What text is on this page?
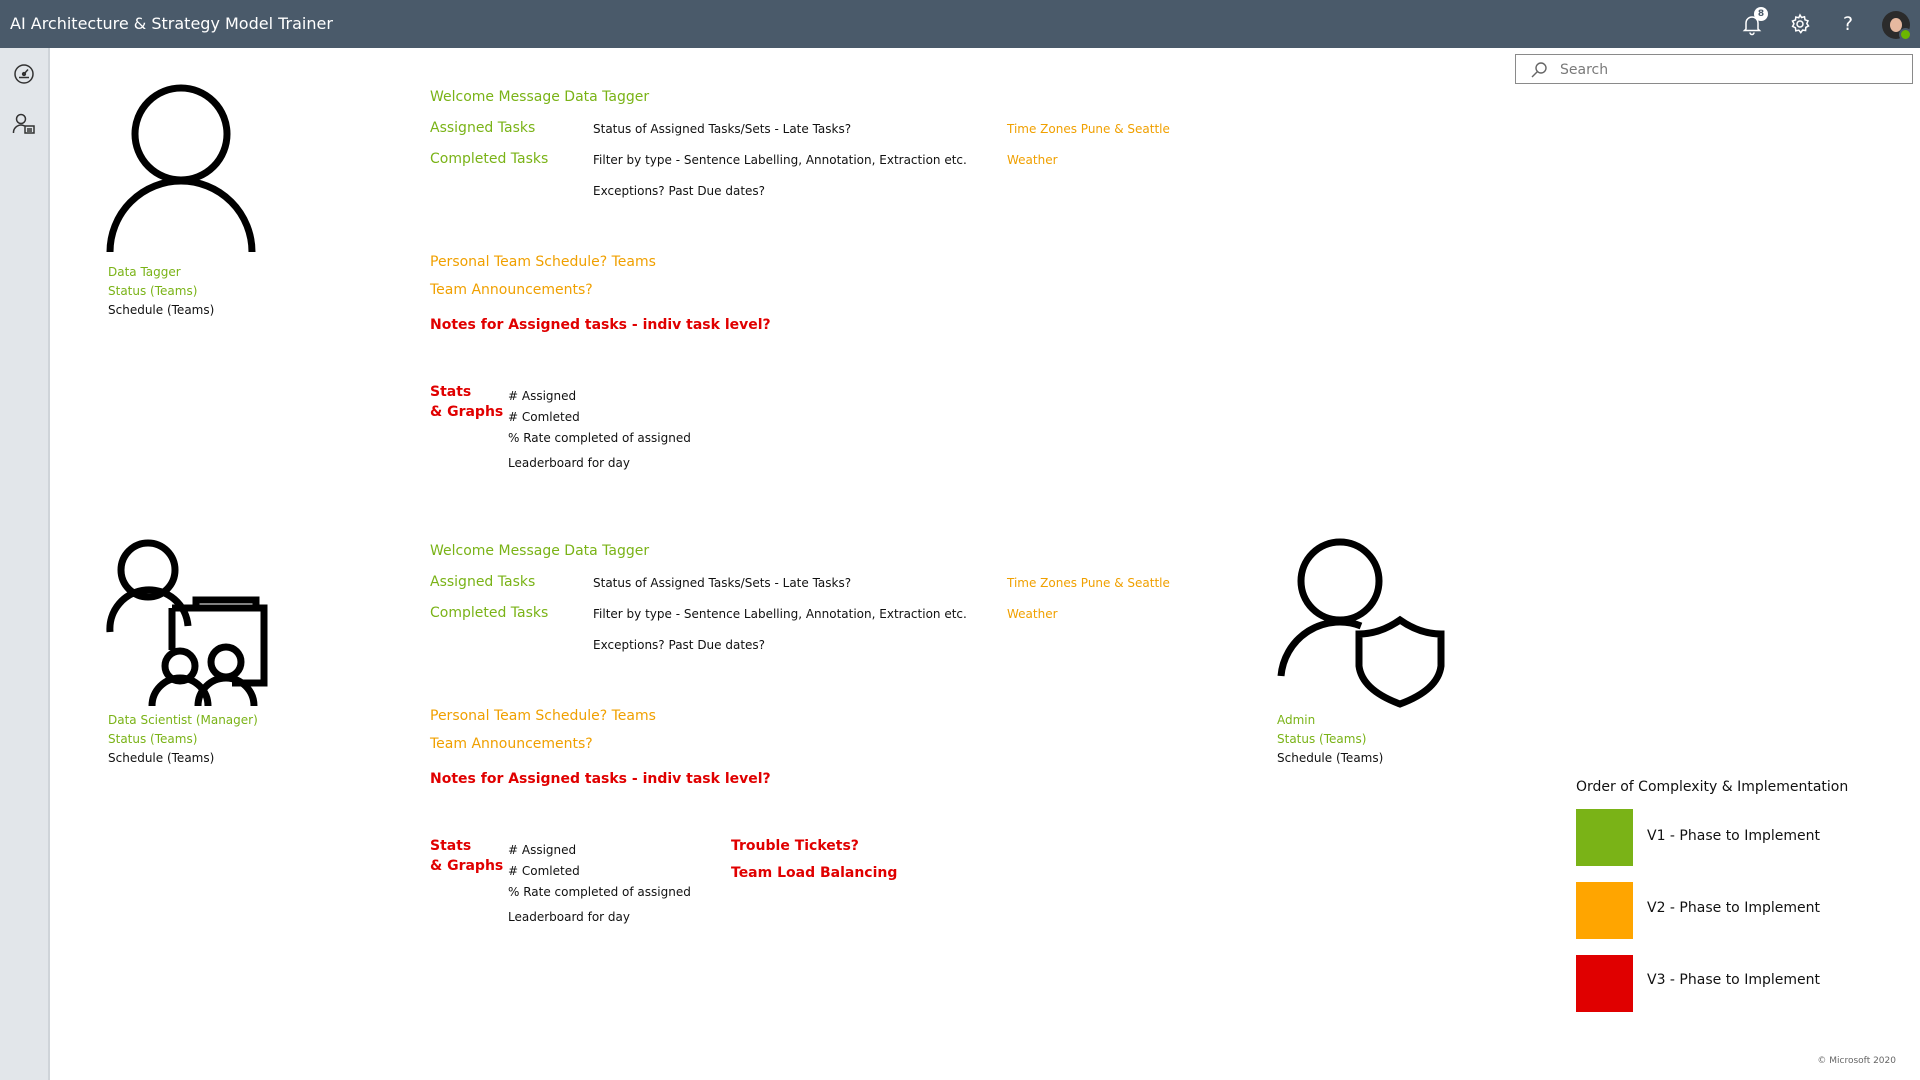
AI Architecture & Strategy Model Trainer	8	?
Search
Data Tagger
Status (Teams)
Schedule (Teams)
Welcome Message Data Tagger
Assigned Tasks
Completed Tasks
Status of Assigned Tasks/Sets - Late Tasks?
Filter by type - Sentence Labelling, Annotation, Extraction etc.
Exceptions? Past Due dates?
Time Zones Pune & Seattle
Weather
Personal Team Schedule? Teams
Team Announcements?
Notes for Assigned tasks - indiv task level?
Stats
& Graphs
# Assigned
# Comleted
% Rate completed of assigned
Leaderboard for day
Data Scientist (Manager)
Status (Teams)
Schedule (Teams)
Welcome Message Data Tagger
Assigned Tasks
Completed Tasks
Status of Assigned Tasks/Sets - Late Tasks?
Filter by type - Sentence Labelling, Annotation, Extraction etc.
Exceptions? Past Due dates?
Time Zones Pune & Seattle
Weather
Personal Team Schedule? Teams
Team Announcements?
Notes for Assigned tasks - indiv task level?
Stats
& Graphs
# Assigned
# Comleted
% Rate completed of assigned
Leaderboard for day
Trouble Tickets?
Team Load Balancing
Admin
Status (Teams)
Schedule (Teams)
Order of Complexity & Implementation
V1 - Phase to Implement
V2 - Phase to Implement
V3 - Phase to Implement
© Microsoft 2020
